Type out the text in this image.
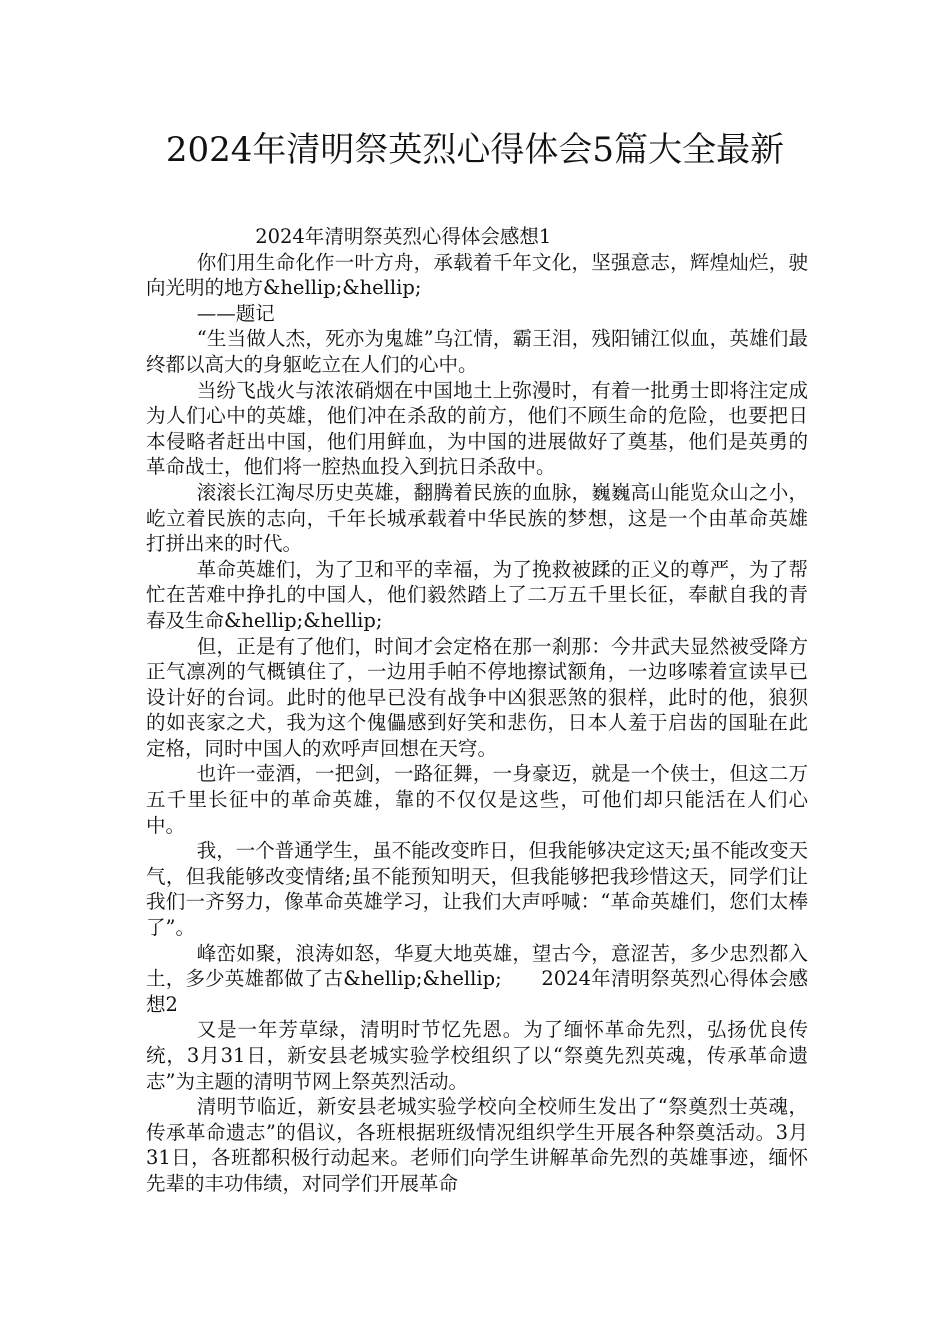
2024年清明祭英烈心得体会5篇大全最新

2024年清明祭英烈心得体会感想1

你们用生命化作一叶方舟，承载着千年文化，坚强意志，辉煌灿烂，驶向光明的地方&hellip;&hellip;

——题记

“生当做人杰，死亦为鬼雄”乌江情，霸王泪，残阳铺江似血，英雄们最终都以高大的身躯屹立在人们的心中。

当纷飞战火与浓浓硝烟在中国地土上弥漫时，有着一批勇士即将注定成为人们心中的英雄，他们冲在杀敌的前方，他们不顾生命的危险，也要把日本侵略者赶出中国，他们用鲜血，为中国的进展做好了奠基，他们是英勇的革命战士，他们将一腔热血投入到抗日杀敌中。

滚滚长江淘尽历史英雄，翻腾着民族的血脉，巍巍高山能览众山之小，屹立着民族的志向，千年长城承载着中华民族的梦想，这是一个由革命英雄打拼出来的时代。

革命英雄们，为了卫和平的幸福，为了挽救被蹂的正义的尊严，为了帮忙在苦难中挣扎的中国人，他们毅然踏上了二万五千里长征，奉献自我的青春及生命&hellip;&hellip;

但，正是有了他们，时间才会定格在那一刹那：今井武夫显然被受降方正气凛冽的气概镇住了，一边用手帕不停地擦试额角，一边哆嗦着宣读早已设计好的台词。此时的他早已没有战争中凶狠恶煞的狠样，此时的他，狼狈的如丧家之犬，我为这个傀儡感到好笑和悲伤，日本人羞于启齿的国耻在此定格，同时中国人的欢呼声回想在天穹。

也许一壶酒，一把剑，一路征舞，一身豪迈，就是一个侠士，但这二万五千里长征中的革命英雄，靠的不仅仅是这些，可他们却只能活在人们心中。

我，一个普通学生，虽不能改变昨日，但我能够决定这天;虽不能改变天气，但我能够改变情绪;虽不能预知明天，但我能够把我珍惜这天，同学们让我们一齐努力，像革命英雄学习，让我们大声呼喊：“革命英雄们，您们太棒了”。

峰峦如聚，浪涛如怒，华夏大地英雄，望古今，意涩苦，多少忠烈都入土，多少英雄都做了古&hellip;&hellip;　　2024年清明祭英烈心得体会感想2

又是一年芳草绿，清明时节忆先恩。为了缅怀革命先烈，弘扬优良传统，3月31日，新安县老城实验学校组织了以“祭奠先烈英魂，传承革命遗志”为主题的清明节网上祭英烈活动。

清明节临近，新安县老城实验学校向全校师生发出了“祭奠烈士英魂，传承革命遗志”的倡议，各班根据班级情况组织学生开展各种祭奠活动。3月31日，各班都积极行动起来。老师们向学生讲解革命先烈的英雄事迹，缅怀先辈的丰功伟绩，对同学们开展革命
